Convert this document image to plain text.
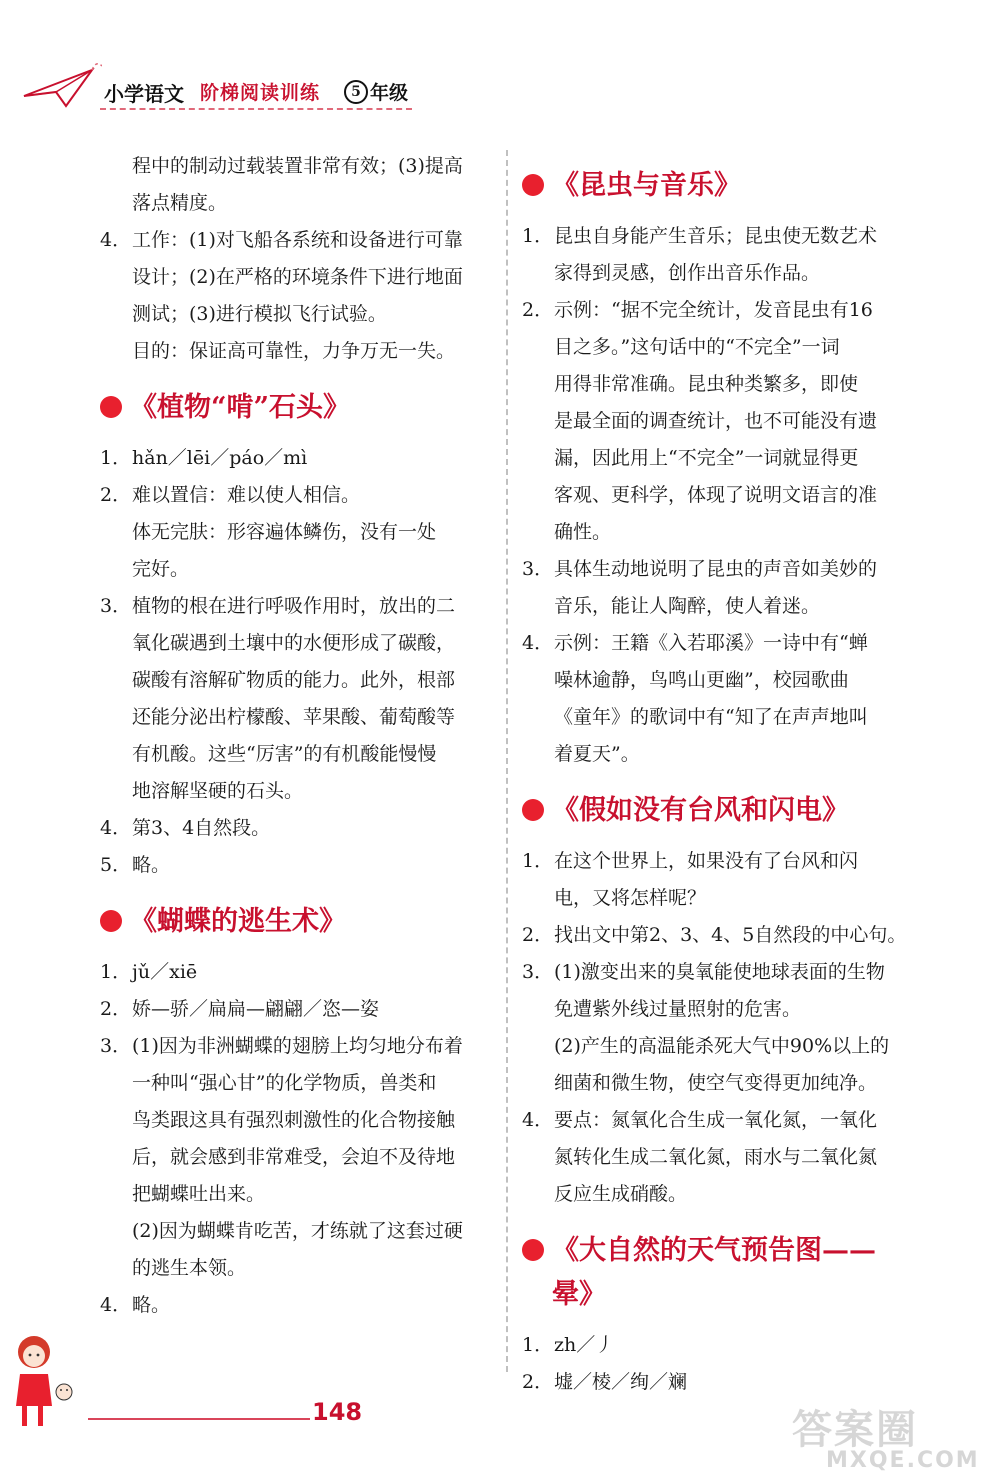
小学语文 阶梯阅读训练	5 年级
程中的制动过载装置非常有效；(3)提高
落点精度。
4．工作：(1)对飞船各系统和设备进行可靠
设计；(2)在严格的环境条件下进行地面
测试；(3)进行模拟飞行试验。
目的：保证高可靠性，力争万无一失。
《植物“啃”石头》
1．hǎn／lēi／páo／mì
2．难以置信：难以使人相信。
体无完肤：形容遍体鳞伤，没有一处
完好。
3．植物的根在进行呼吸作用时，放出的二
氧化碳遇到土壤中的水便形成了碳酸，
碳酸有溶解矿物质的能力。此外，根部
还能分泌出柠檬酸、苹果酸、葡萄酸等
有机酸。这些“厉害”的有机酸能慢慢
地溶解坚硬的石头。
4．第3、4自然段。
5．略。
《蝴蝶的逃生术》
1．jǔ／xiē
2．娇—骄／扁扁—翩翩／恣—姿
3．(1)因为非洲蝴蝶的翅膀上均匀地分布着
一种叫“强心甘”的化学物质，兽类和
鸟类跟这具有强烈刺激性的化合物接触
后，就会感到非常难受，会迫不及待地
把蝴蝶吐出来。
(2)因为蝴蝶肯吃苦，才练就了这套过硬
的逃生本领。
4．略。
《昆虫与音乐》
1．昆虫自身能产生音乐；昆虫使无数艺术
家得到灵感，创作出音乐作品。
2．示例：“据不完全统计，发音昆虫有16
目之多。”这句话中的“不完全”一词
用得非常准确。昆虫种类繁多，即使
是最全面的调查统计，也不可能没有遗
漏，因此用上“不完全”一词就显得更
客观、更科学，体现了说明文语言的准
确性。
3．具体生动地说明了昆虫的声音如美妙的
音乐，能让人陶醉，使人着迷。
4．示例：王籍《入若耶溪》一诗中有“蝉
噪林逾静，鸟鸣山更幽”，校园歌曲
《童年》的歌词中有“知了在声声地叫
着夏天”。
《假如没有台风和闪电》
1．在这个世界上，如果没有了台风和闪
电，又将怎样呢？
2．找出文中第2、3、4、5自然段的中心句。
3．(1)激变出来的臭氧能使地球表面的生物
免遭紫外线过量照射的危害。
(2)产生的高温能杀死大气中90%以上的
细菌和微生物，使空气变得更加纯净。
4．要点：氮氧化合生成一氧化氮，一氧化
氮转化生成二氧化氮，雨水与二氧化氮
反应生成硝酸。
《大自然的天气预告图——
晕》
1．zh／丿
2．墟／棱／绚／斓
148	答案圈
MXQE.COM
